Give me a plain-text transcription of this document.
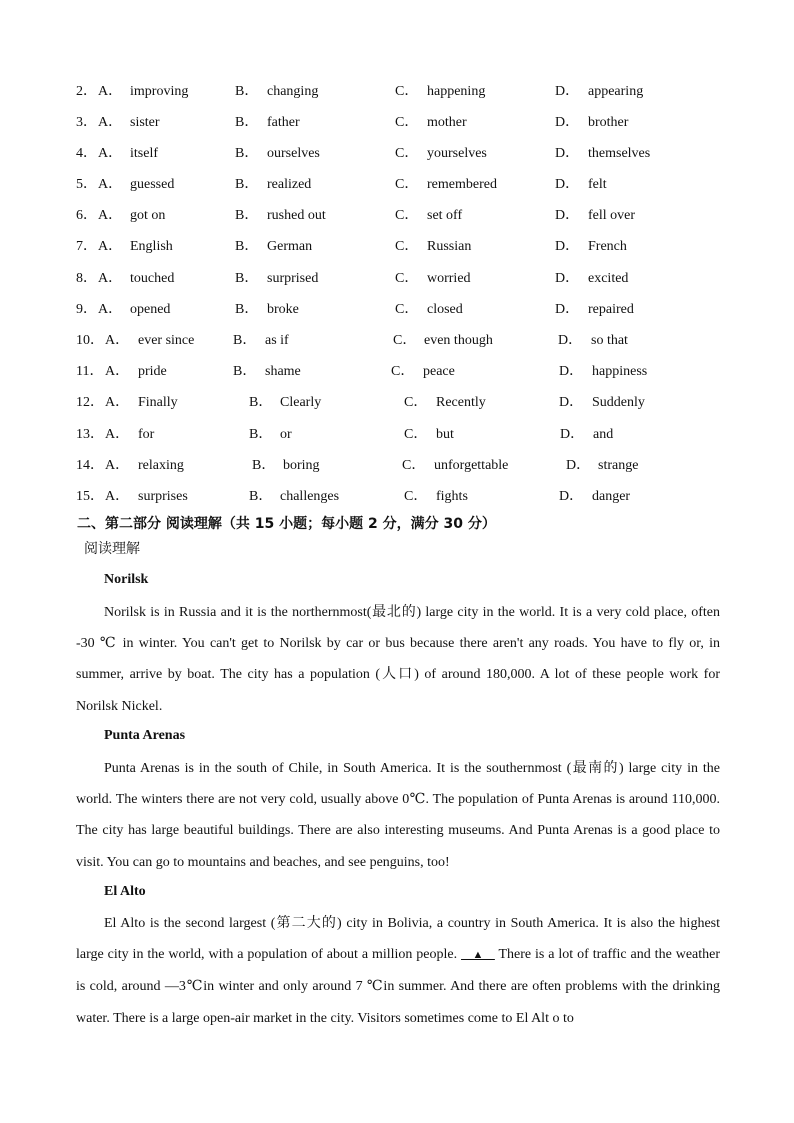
2． A． improving	B． changing	C． happening	D． appearing
3． A． sister	B． father	C． mother	D． brother
4． A． itself	B． ourselves	C． yourselves	D． themselves
5． A． guessed	B． realized	C． remembered	D． felt
6． A． got on	B． rushed out	C． set off	D． fell over
7． A． English	B． German	C． Russian	D． French
8． A． touched	B． surprised	C． worried	D． excited
9． A． opened	B． broke	C． closed	D． repaired
10． A． ever since	B． as if	C． even though	D． so that
11． A． pride	B． shame	C． peace	D． happiness
12． A． Finally	B． Clearly	C． Recently	D． Suddenly
13． A． for	B． or	C． but	D． and
14． A． relaxing	B． boring	C． unforgettable	D． strange
15． A． surprises	B． challenges	C． fights	D． danger
二、第二部分 阅读理解（共 15 小题；每小题 2 分，满分 30 分）
阅读理解
Norilsk

Norilsk is in Russia and it is the northernmost(最北的) large city in the world. It is a very cold place, often -30 ℃ in winter. You can't get to Norilsk by car or bus because there aren't any roads. You have to fly or, in summer, arrive by boat. The city has a population (人口) of around 180,000. A lot of these people work for Norilsk Nickel.

Punta Arenas

Punta Arenas is in the south of Chile, in South America. It is the southernmost (最南的) large city in the world. The winters there are not very cold, usually above 0℃. The population of Punta Arenas is around 110,000. The city has large beautiful buildings. There are also interesting museums. And Punta Arenas is a good place to visit. You can go to mountains and beaches, and see penguins, too!

El Alto

El Alto is the second largest (第二大的) city in Bolivia, a country in South America. It is also the highest large city in the world, with a population of about a million people. __▲__ There is a lot of traffic and the weather is cold, around —3℃in winter and only around 7 ℃in summer. And there are often problems with the drinking water. There is a large open-air market in the city. Visitors sometimes come to El Alt o to
